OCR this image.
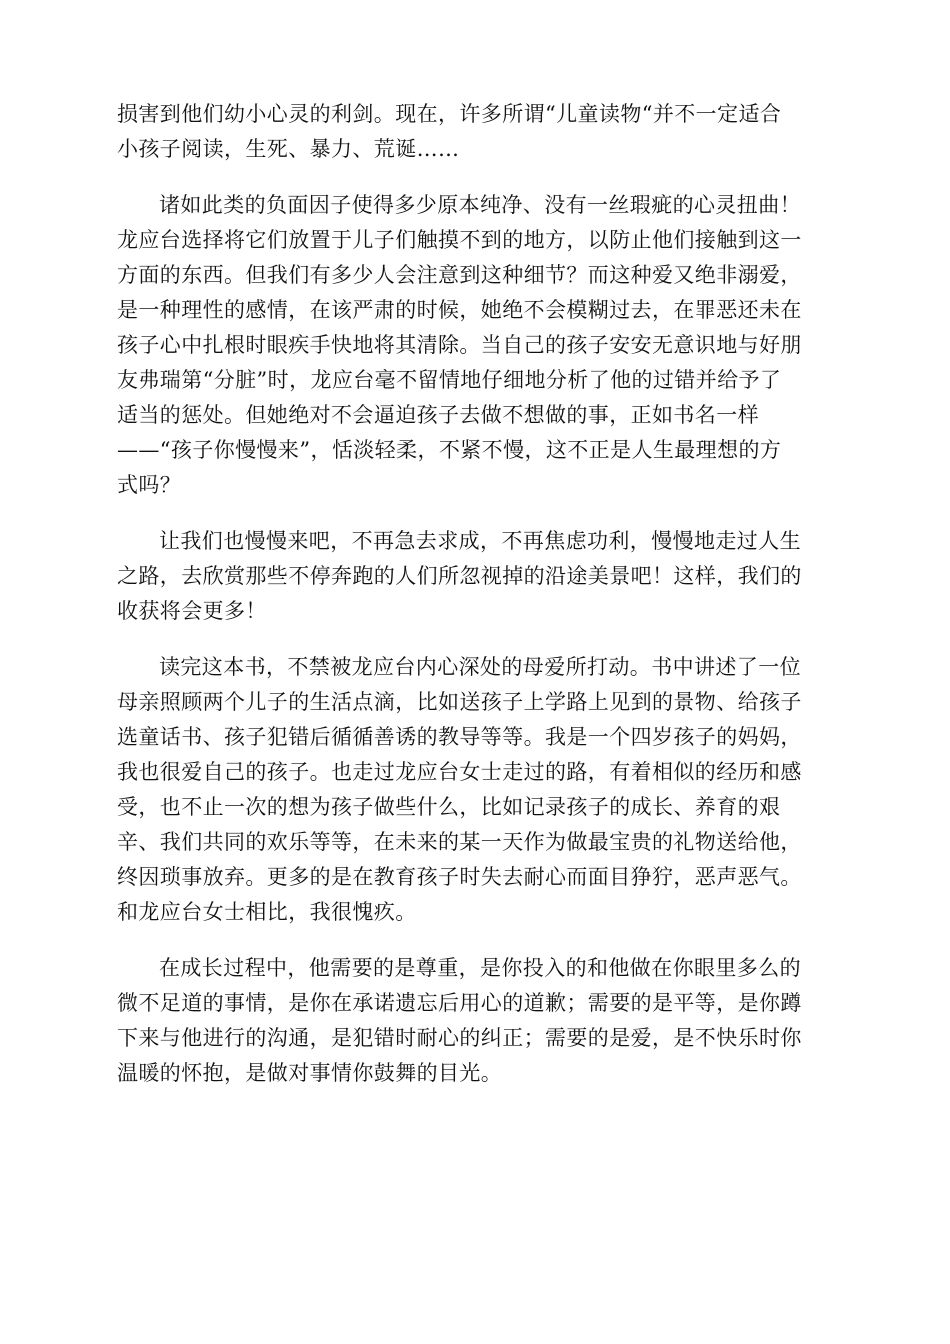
损害到他们幼小心灵的利剑。现在，许多所谓“儿童读物“并不一定适合
小孩子阅读，生死、暴力、荒诞……
诸如此类的负面因子使得多少原本纯净、没有一丝瑕疵的心灵扭曲！
龙应台选择将它们放置于儿子们触摸不到的地方，以防止他们接触到这一
方面的东西。但我们有多少人会注意到这种细节？而这种爱又绝非溺爱，
是一种理性的感情，在该严肃的时候，她绝不会模糊过去，在罪恶还未在
孩子心中扎根时眼疾手快地将其清除。当自己的孩子安安无意识地与好朋
友弗瑞第“分脏”时，龙应台毫不留情地仔细地分析了他的过错并给予了
适当的惩处。但她绝对不会逼迫孩子去做不想做的事，正如书名一样
——“孩子你慢慢来”，恬淡轻柔，不紧不慢，这不正是人生最理想的方
式吗？
让我们也慢慢来吧，不再急去求成，不再焦虑功利，慢慢地走过人生
之路，去欣赏那些不停奔跑的人们所忽视掉的沿途美景吧！这样，我们的
收获将会更多！
读完这本书，不禁被龙应台内心深处的母爱所打动。书中讲述了一位
母亲照顾两个儿子的生活点滴，比如送孩子上学路上见到的景物、给孩子
选童话书、孩子犯错后循循善诱的教导等等。我是一个四岁孩子的妈妈，
我也很爱自己的孩子。也走过龙应台女士走过的路，有着相似的经历和感
受，也不止一次的想为孩子做些什么，比如记录孩子的成长、养育的艰
辛、我们共同的欢乐等等，在未来的某一天作为做最宝贵的礼物送给他，
终因琐事放弃。更多的是在教育孩子时失去耐心而面目狰狞，恶声恶气。
和龙应台女士相比，我很愧疚。
在成长过程中，他需要的是尊重，是你投入的和他做在你眼里多么的
微不足道的事情，是你在承诺遗忘后用心的道歉；需要的是平等，是你蹲
下来与他进行的沟通，是犯错时耐心的纠正；需要的是爱，是不快乐时你
温暖的怀抱，是做对事情你鼓舞的目光。
